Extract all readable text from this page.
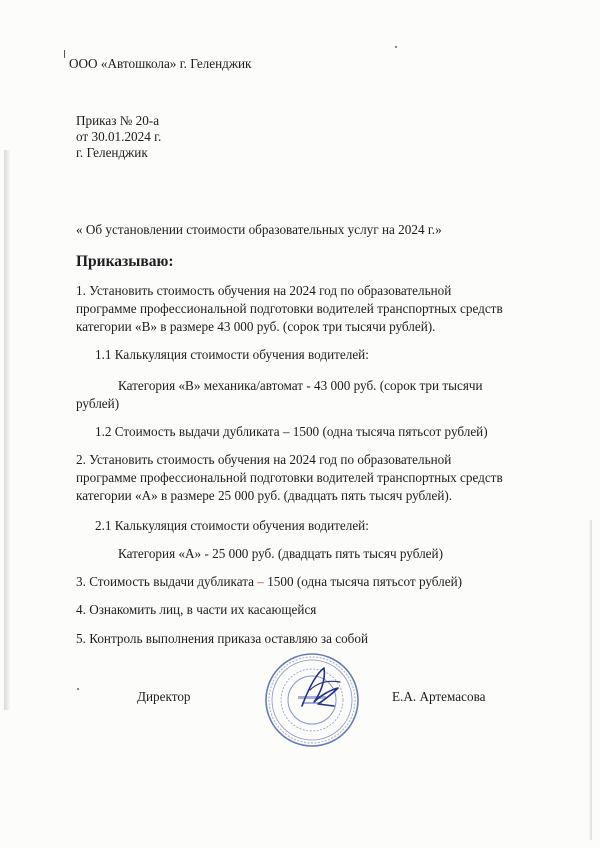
ООО «Автошкола» г. Геленджик
Приказ № 20-а
от 30.01.2024 г.
г. Геленджик
« Об установлении стоимости образовательных услуг на 2024 г.»
Приказываю:
1. Установить стоимость обучения на 2024 год по образовательной
программе профессиональной подготовки водителей транспортных средств
категории «В» в размере 43 000 руб. (сорок три тысячи рублей).
1.1 Калькуляция стоимости обучения водителей:
Категория «В» механика/автомат - 43 000 руб. (сорок три тысячи
рублей)
1.2 Стоимость выдачи дубликата – 1500 (одна тысяча пятьсот рублей)
2. Установить стоимость обучения на 2024 год по образовательной
программе профессиональной подготовки водителей транспортных средств
категории «А» в размере 25 000 руб. (двадцать пять тысяч рублей).
2.1 Калькуляция стоимости обучения водителей:
Категория «А» - 25 000 руб. (двадцать пять тысяч рублей)
3. Стоимость выдачи дубликата – 1500 (одна тысяча пятьсот рублей)
4. Ознакомить лиц, в части их касающейся
5. Контроль выполнения приказа оставляю за собой
Директор	Е.А. Артемасова
